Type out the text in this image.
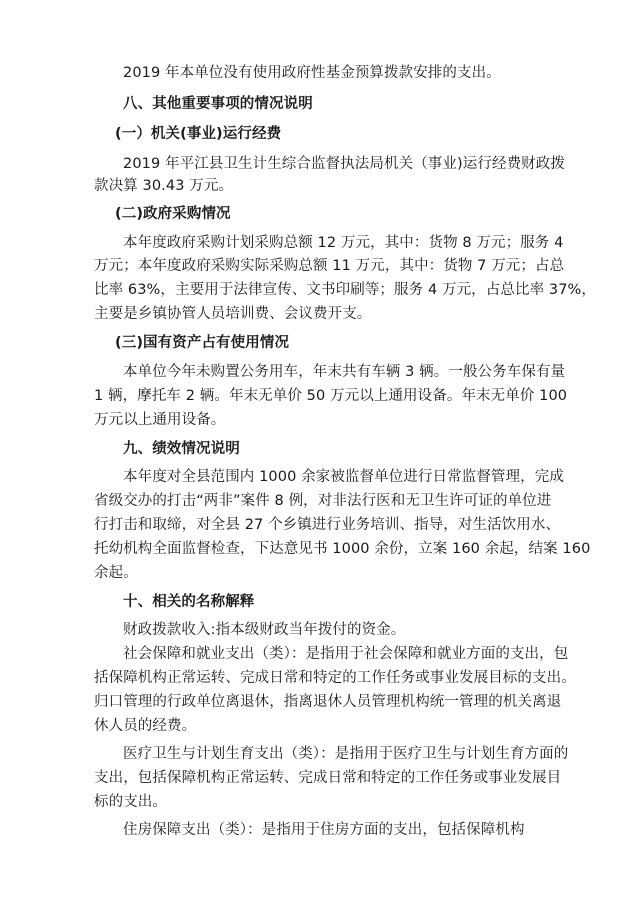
2019 年本单位没有使用政府性基金预算拨款安排的支出。
八、其他重要事项的情况说明
(一）机关(事业)运行经费
2019 年平江县卫生计生综合监督执法局机关（事业)运行经费财政拨
款决算 30.43 万元。
(二)政府采购情况
本年度政府采购计划采购总额 12 万元，其中：货物 8 万元；服务 4
万元；本年度政府采购实际采购总额 11 万元，其中：货物 7 万元；占总
比率 63%，主要用于法律宣传、文书印刷等；服务 4 万元，占总比率 37%，
主要是乡镇协管人员培训费、会议费开支。
(三)国有资产占有使用情况
本单位今年未购置公务用车，年末共有车辆 3 辆。一般公务车保有量
1 辆，摩托车 2 辆。年末无单价 50 万元以上通用设备。年末无单价 100
万元以上通用设备。
九、绩效情况说明
本年度对全县范围内 1000 余家被监督单位进行日常监督管理，完成
省级交办的打击“两非”案件 8 例，对非法行医和无卫生许可证的单位进
行打击和取缔，对全县 27 个乡镇进行业务培训、指导，对生活饮用水、
托幼机构全面监督检查，下达意见书 1000 余份，立案 160 余起，结案 160
余起。
十、相关的名称解释
财政拨款收入:指本级财政当年拨付的资金。
社会保障和就业支出（类）：是指用于社会保障和就业方面的支出，包
括保障机构正常运转、完成日常和特定的工作任务或事业发展目标的支出。
归口管理的行政单位离退休，指离退休人员管理机构统一管理的机关离退
休人员的经费。
医疗卫生与计划生育支出（类）：是指用于医疗卫生与计划生育方面的
支出，包括保障机构正常运转、完成日常和特定的工作任务或事业发展目
标的支出。
住房保障支出（类）：是指用于住房方面的支出，包括保障机构
